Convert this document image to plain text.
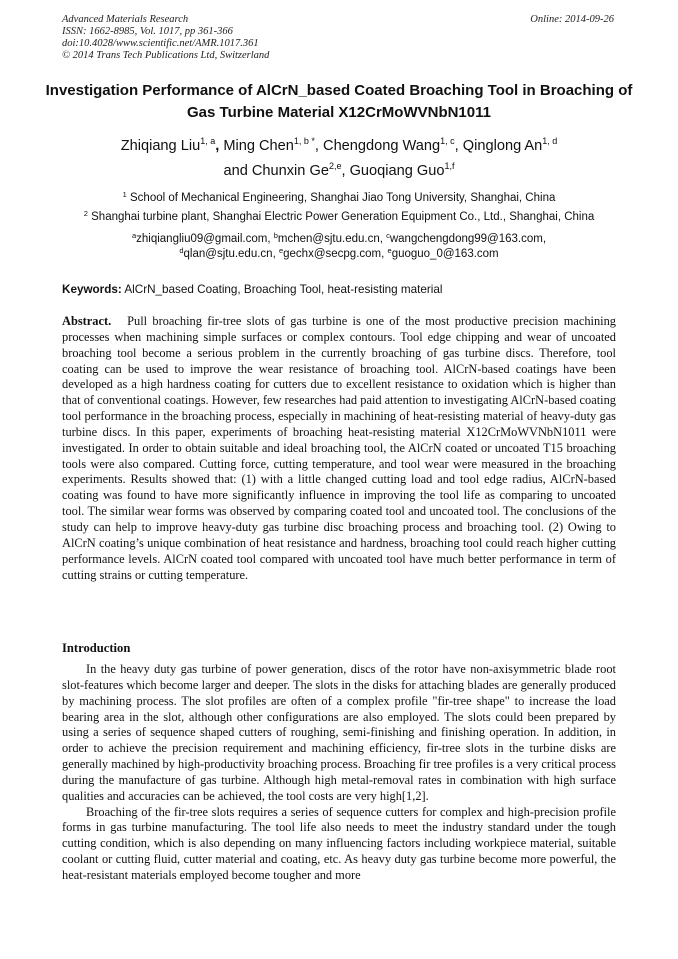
Advanced Materials Research
ISSN: 1662-8985, Vol. 1017, pp 361-366
doi:10.4028/www.scientific.net/AMR.1017.361
© 2014 Trans Tech Publications Ltd, Switzerland
Online: 2014-09-26
Investigation Performance of AlCrN_based Coated Broaching Tool in Broaching of Gas Turbine Material X12CrMoWVNbN1011
Zhiqiang Liu$^{1, a}$, Ming Chen$^{1, b *}$, Chengdong Wang$^{1, c}$, Qinglong An$^{1, d}$
and Chunxin Ge$^{2,e}$, Guoqiang Guo$^{1,f}$
$^1$ School of Mechanical Engineering, Shanghai Jiao Tong University, Shanghai, China
$^2$ Shanghai turbine plant, Shanghai Electric Power Generation Equipment Co., Ltd., Shanghai, China
$^a$zhiqiangliu09@gmail.com, $^b$mchen@sjtu.edu.cn, $^c$wangchengdong99@163.com,
$^d$qlan@sjtu.edu.cn, $^e$gechx@secpg.com, $^e$guoguo_0@163.com
Keywords: AlCrN_based Coating, Broaching Tool, heat-resisting material
Abstract. Pull broaching fir-tree slots of gas turbine is one of the most productive precision machining processes when machining simple surfaces or complex contours. Tool edge chipping and wear of uncoated broaching tool become a serious problem in the currently broaching of gas turbine discs. Therefore, tool coating can be used to improve the wear resistance of broaching tool. AlCrN-based coatings have been developed as a high hardness coating for cutters due to excellent resistance to oxidation which is higher than that of conventional coatings. However, few researches had paid attention to investigating AlCrN-based coating tool performance in the broaching process, especially in machining of heat-resisting material of heavy-duty gas turbine discs. In this paper, experiments of broaching heat-resisting material X12CrMoWVNbN1011 were investigated. In order to obtain suitable and ideal broaching tool, the AlCrN coated or uncoated T15 broaching tools were also compared. Cutting force, cutting temperature, and tool wear were measured in the broaching experiments. Results showed that: (1) with a little changed cutting load and tool edge radius, AlCrN-based coating was found to have more significantly influence in improving the tool life as comparing to uncoated tool. The similar wear forms was observed by comparing coated tool and uncoated tool. The conclusions of the study can help to improve heavy-duty gas turbine disc broaching process and broaching tool. (2) Owing to AlCrN coating’s unique combination of heat resistance and hardness, broaching tool could reach higher cutting performance levels. AlCrN coated tool compared with uncoated tool have much better performance in term of cutting strains or cutting temperature.
Introduction

In the heavy duty gas turbine of power generation, discs of the rotor have non-axisymmetric blade root slot-features which become larger and deeper. The slots in the disks for attaching blades are generally produced by machining process. The slot profiles are often of a complex profile "fir-tree shape" to increase the load bearing area in the slot, although other configurations are also employed. The slots could been prepared by using a series of sequence shaped cutters of roughing, semi-finishing and finishing operation. In addition, in order to achieve the precision requirement and machining efficiency, fir-tree slots in the turbine disks are generally machined by high-productivity broaching process. Broaching fir tree profiles is a very critical process during the manufacture of gas turbine. Although high metal-removal rates in combination with high surface qualities and accuracies can be achieved, the tool costs are very high[1,2].

Broaching of the fir-tree slots requires a series of sequence cutters for complex and high-precision profile forms in gas turbine manufacturing. The tool life also needs to meet the industry standard under the tough cutting condition, which is also depending on many influencing factors including workpiece material, suitable coolant or cutting fluid, cutter material and coating, etc. As heavy duty gas turbine become more powerful, the heat-resistant materials employed become tougher and more
